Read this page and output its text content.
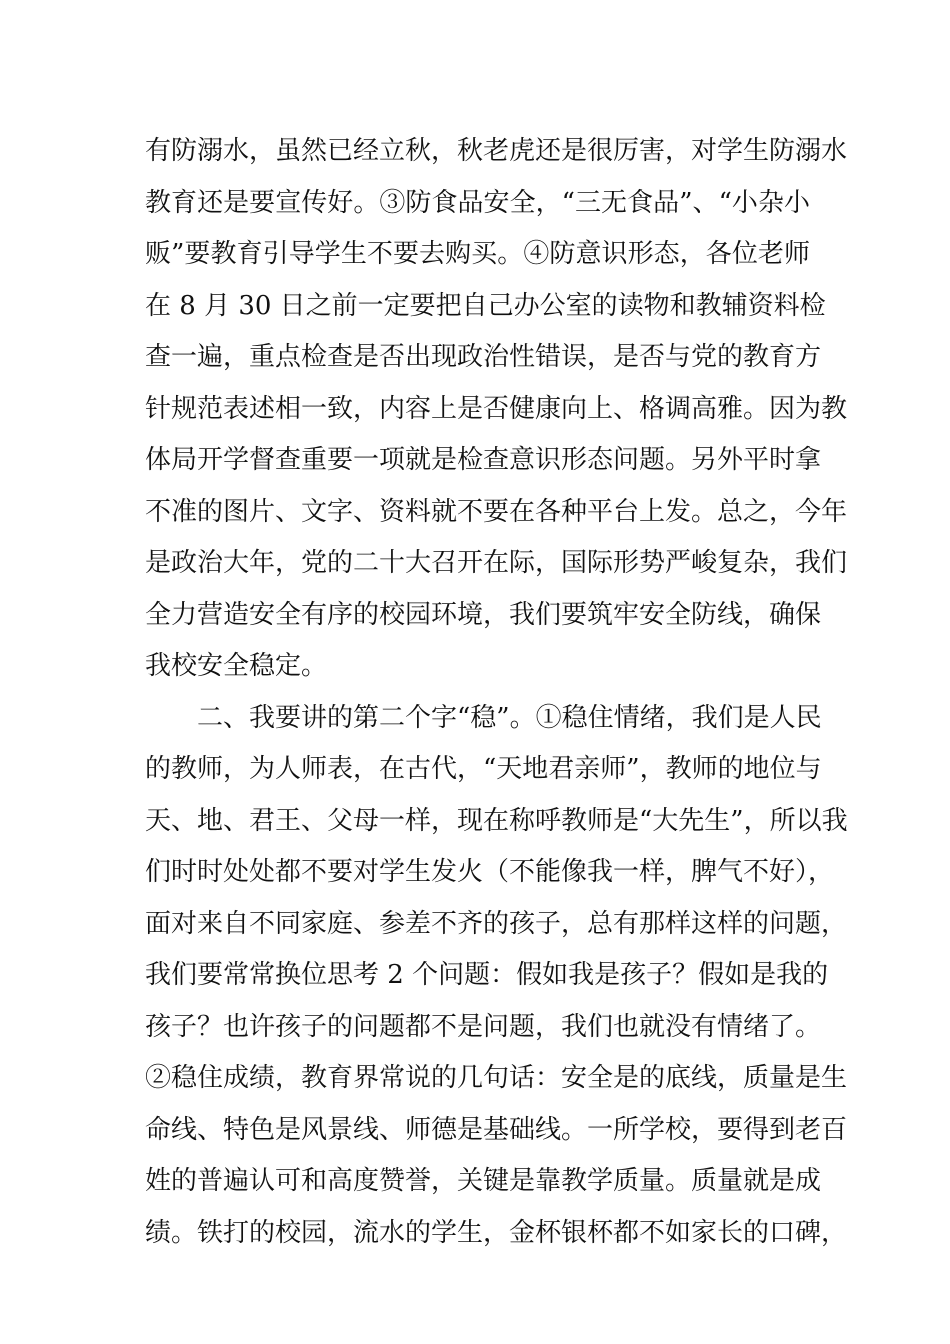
有防溺水，虽然已经立秋，秋老虎还是很厉害，对学生防溺水
教育还是要宣传好。③防食品安全，“三无食品”、“小杂小
贩”要教育引导学生不要去购买。④防意识形态，各位老师
在 8 月 30 日之前一定要把自己办公室的读物和教辅资料检
查一遍，重点检查是否出现政治性错误，是否与党的教育方
针规范表述相一致，内容上是否健康向上、格调高雅。因为教
体局开学督查重要一项就是检查意识形态问题。另外平时拿
不准的图片、文字、资料就不要在各种平台上发。总之，今年
是政治大年，党的二十大召开在际，国际形势严峻复杂，我们
全力营造安全有序的校园环境，我们要筑牢安全防线，确保
我校安全稳定。
二、我要讲的第二个字“稳”。①稳住情绪，我们是人民
的教师，为人师表，在古代，“天地君亲师”，教师的地位与
天、地、君王、父母一样，现在称呼教师是“大先生”，所以我
们时时处处都不要对学生发火（不能像我一样，脾气不好），
面对来自不同家庭、参差不齐的孩子，总有那样这样的问题，
我们要常常换位思考 2 个问题：假如我是孩子？假如是我的
孩子？也许孩子的问题都不是问题，我们也就没有情绪了。
②稳住成绩，教育界常说的几句话：安全是的底线，质量是生
命线、特色是风景线、师德是基础线。一所学校，要得到老百
姓的普遍认可和高度赞誉，关键是靠教学质量。质量就是成
绩。铁打的校园，流水的学生，金杯银杯都不如家长的口碑，
